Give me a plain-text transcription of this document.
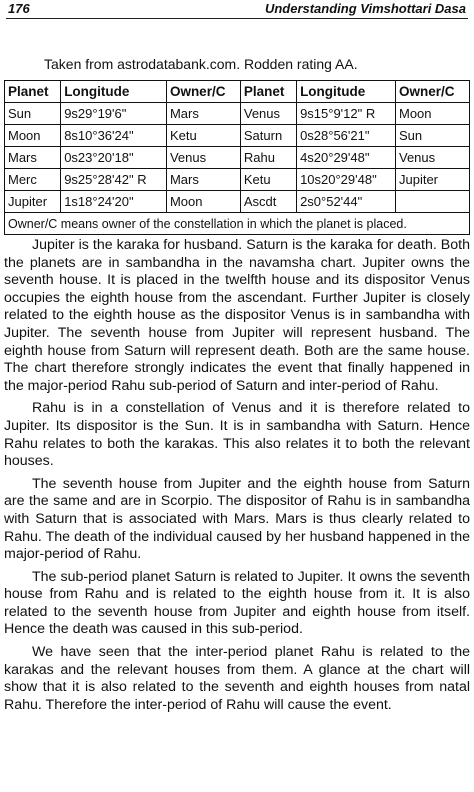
176	Understanding Vimshottari Dasa
Taken from astrodatabank.com. Rodden rating AA.
Planet	Longitude	Owner/C	Planet	Longitude	Owner/C
Sun	9s29°19'6"	Mars	Venus	9s15°9'12" R	Moon
Moon	8s10°36'24"	Ketu	Saturn	0s28°56'21"	Sun
Mars	0s23°20'18"	Venus	Rahu	4s20°29'48"	Venus
Merc	9s25°28'42" R	Mars	Ketu	10s20°29'48"	Jupiter
Jupiter	1s18°24'20"	Moon	Ascdt	2s0°52'44"	
Owner/C means owner of the constellation in which the planet is placed.					

Jupiter is the karaka for husband. Saturn is the karaka for death. Both the planets are in sambandha in the navamsha chart. Jupiter owns the seventh house. It is placed in the twelfth house and its dispositor Venus occupies the eighth house from the ascendant. Further Jupiter is closely related to the eighth house as the dispositor Venus is in sambandha with Jupiter. The seventh house from Jupiter will represent husband. The eighth house from Saturn will represent death. Both are the same house. The chart therefore strongly indicates the event that finally happened in the major-period Rahu sub-period of Saturn and inter-period of Rahu.

Rahu is in a constellation of Venus and it is therefore related to Jupiter. Its dispositor is the Sun. It is in sambandha with Saturn. Hence Rahu relates to both the karakas. This also relates it to both the relevant houses.

The seventh house from Jupiter and the eighth house from Saturn are the same and are in Scorpio. The dispositor of Rahu is in sambandha with Saturn that is associated with Mars. Mars is thus clearly related to Rahu. The death of the individual caused by her husband happened in the major-period of Rahu.

The sub-period planet Saturn is related to Jupiter. It owns the seventh house from Rahu and is related to the eighth house from it. It is also related to the seventh house from Jupiter and eighth house from itself. Hence the death was caused in this sub-period.

We have seen that the inter-period planet Rahu is related to the karakas and the relevant houses from them. A glance at the chart will show that it is also related to the seventh and eighth houses from natal Rahu. Therefore the inter-period of Rahu will cause the event.
